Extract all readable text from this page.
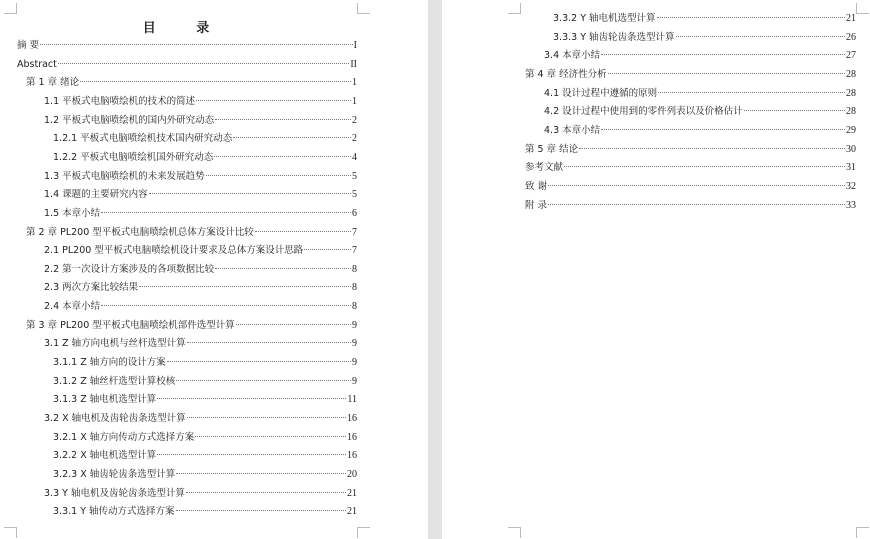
目 录
摘 要	I
Abstract	II
第 1 章 绪论	1
1.1 平板式电脑喷绘机的技术的简述	1
1.2 平板式电脑喷绘机的国内外研究动态	2
1.2.1 平板式电脑喷绘机技术国内研究动态	2
1.2.2 平板式电脑喷绘机国外研究动态	4
1.3 平板式电脑喷绘机的未来发展趋势	5
1.4 课题的主要研究内容	5
1.5 本章小结	6
第 2 章 PL200 型平板式电脑喷绘机总体方案设计比较	7
2.1 PL200 型平板式电脑喷绘机设计要求及总体方案设计思路	7
2.2 第一次设计方案涉及的各项数据比较	8
2.3 两次方案比较结果	8
2.4 本章小结	8
第 3 章 PL200 型平板式电脑喷绘机部件选型计算	9
3.1 Z 轴方向电机与丝杆选型计算	9
3.1.1 Z 轴方向的设计方案	9
3.1.2 Z 轴丝杆选型计算校核	9
3.1.3 Z 轴电机选型计算	11
3.2 X 轴电机及齿轮齿条选型计算	16
3.2.1 X 轴方向传动方式选择方案	16
3.2.2 X 轴电机选型计算	16
3.2.3 X 轴齿轮齿条选型计算	20
3.3 Y 轴电机及齿轮齿条选型计算	21
3.3.1 Y 轴传动方式选择方案	21
3.3.2 Y 轴电机选型计算	21
3.3.3 Y 轴齿轮齿条选型计算	26
3.4 本章小结	27
第 4 章 经济性分析	28
4.1 设计过程中遵循的原则	28
4.2 设计过程中使用到的零件列表以及价格估计	28
4.3 本章小结	29
第 5 章 结论	30
参考文献	31
致 谢	32
附 录	33
